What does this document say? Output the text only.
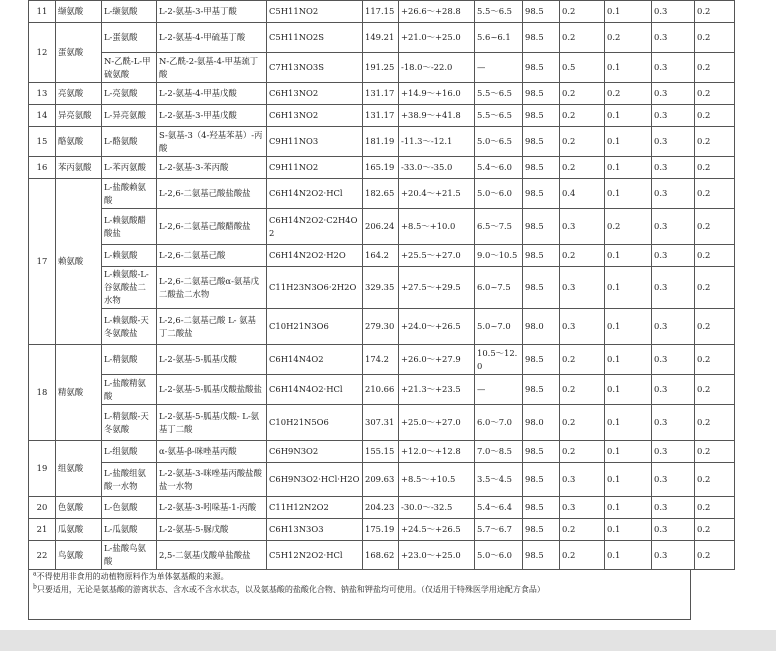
11	缬氨酸	L-缬氨酸	L-2-氨基-3-甲基丁酸	C5H11NO2	117.15	+26.6～+28.8	5.5～6.5	98.5	0.2	0.1	0.3	0.2
12	蛋氨酸	L-蛋氨酸	L-2-氨基-4-甲硫基丁酸	C5H11NO2S	149.21	+21.0～+25.0	5.6~6.1	98.5	0.2	0.2	0.3	0.2
		N-乙酰-L-甲硫氨酸	N-乙酰-2-氨基-4-甲基巯丁酸	C7H13NO3S	191.25	-18.0～-22.0	—	98.5	0.5	0.1	0.3	0.2
13	亮氨酸	L-亮氨酸	L-2-氨基-4-甲基戊酸	C6H13NO2	131.17	+14.9～+16.0	5.5～6.5	98.5	0.2	0.2	0.3	0.2
14	异亮氨酸	L-异亮氨酸	L-2-氨基-3-甲基戊酸	C6H13NO2	131.17	+38.9～+41.8	5.5～6.5	98.5	0.2	0.1	0.3	0.2
15	酪氨酸	L-酪氨酸	S-氨基-3（4-羟基苯基）-丙酸	C9H11NO3	181.19	-11.3～-12.1	5.0～6.5	98.5	0.2	0.1	0.3	0.2
16	苯丙氨酸	L-苯丙氨酸	L-2-氨基-3-苯丙酸	C9H11NO2	165.19	-33.0～-35.0	5.4～6.0	98.5	0.2	0.1	0.3	0.2
17	赖氨酸	L-盐酸赖氨酸	L-2,6-二氨基己酸盐酸盐	C6H14N2O2·HCl	182.65	+20.4～+21.5	5.0～6.0	98.5	0.4	0.1	0.3	0.2
		L-赖氨酸醋酸盐	L-2,6-二氨基己酸醋酸盐	C6H14N2O2·C2H4O2	206.24	+8.5～+10.0	6.5～7.5	98.5	0.3	0.2	0.3	0.2
		L-赖氨酸	L-2,6-二氨基己酸	C6H14N2O2·H2O	164.2	+25.5～+27.0	9.0～10.5	98.5	0.2	0.1	0.3	0.2
		L-赖氨酸-L-谷氨酸盐二水物	L-2,6-二氨基己酸α-氨基戊二酸盐二水物	C11H23N3O6·2H2O	329.35	+27.5～+29.5	6.0~7.5	98.5	0.3	0.1	0.3	0.2
		L-赖氨酸-天冬氨酸盐	L-2,6-二氨基己酸 L- 氨基丁二酸盐	C10H21N3O6	279.30	+24.0～+26.5	5.0~7.0	98.0	0.3	0.1	0.3	0.2
18	精氨酸	L-精氨酸	L-2-氨基-5-胍基戊酸	C6H14N4O2	174.2	+26.0～+27.9	10.5～12.0	98.5	0.2	0.1	0.3	0.2
		L-盐酸精氨酸	L-2-氨基-5-胍基戊酸盐酸盐	C6H14N4O2·HCl	210.66	+21.3～+23.5	—	98.5	0.2	0.1	0.3	0.2
		L-精氨酸-天冬氨酸	L-2-氨基-5-胍基戊酸- L-氨基丁二酸	C10H21N5O6	307.31	+25.0～+27.0	6.0～7.0	98.0	0.2	0.1	0.3	0.2
19	组氨酸	L-组氨酸	α-氨基-β-咪唑基丙酸	C6H9N3O2	155.15	+12.0～+12.8	7.0～8.5	98.5	0.2	0.1	0.3	0.2
		L-盐酸组氨酸一水物	L-2-氨基-3-咪唑基丙酸盐酸盐一水物	C6H9N3O2·HCl·H2O	209.63	+8.5～+10.5	3.5～4.5	98.5	0.3	0.1	0.3	0.2
20	色氨酸	L-色氨酸	L-2-氨基-3-吲哚基-1-丙酸	C11H12N2O2	204.23	-30.0～-32.5	5.4～6.4	98.5	0.3	0.1	0.3	0.2
21	瓜氨酸	L-瓜氨酸	L-2-氨基-5-脲戊酸	C6H13N3O3	175.19	+24.5～+26.5	5.7～6.7	98.5	0.2	0.1	0.3	0.2
22	鸟氨酸	L-盐酸鸟氨酸	2,5-二氨基戊酸单盐酸盐	C5H12N2O2·HCl	168.62	+23.0～+25.0	5.0～6.0	98.5	0.2	0.1	0.3	0.2
$^a$不得使用非食用的动植物原料作为单体氨基酸的来源。
$^b$只要适用，无论是氨基酸的游离状态、含水或不含水状态，以及氨基酸的盐酸化合物、钠盐和钾盐均可使用。（仅适用于特殊医学用途配方食品）
